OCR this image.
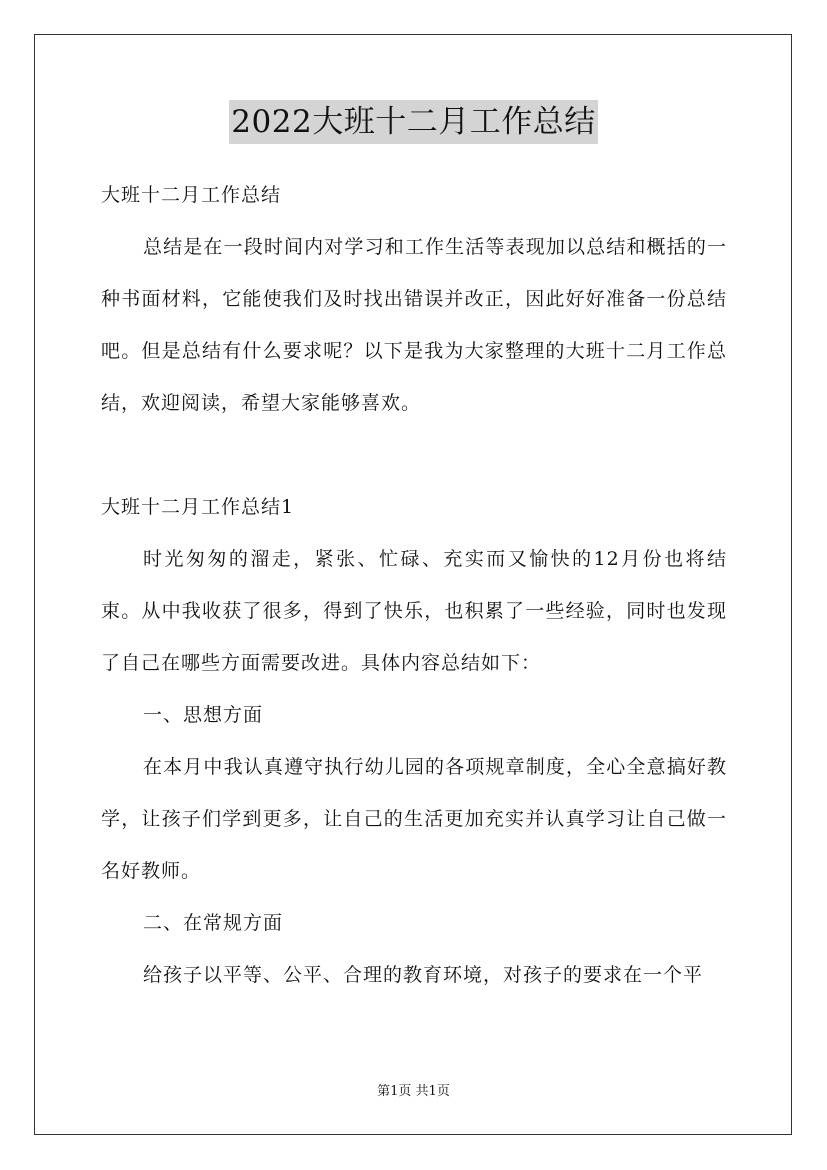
2022大班十二月工作总结

大班十二月工作总结

总结是在一段时间内对学习和工作生活等表现加以总结和概括的一种书面材料，它能使我们及时找出错误并改正，因此好好准备一份总结吧。但是总结有什么要求呢？以下是我为大家整理的大班十二月工作总结，欢迎阅读，希望大家能够喜欢。

大班十二月工作总结1

时光匆匆的溜走，紧张、忙碌、充实而又愉快的12月份也将结束。从中我收获了很多，得到了快乐，也积累了一些经验，同时也发现了自己在哪些方面需要改进。具体内容总结如下：

一、思想方面

在本月中我认真遵守执行幼儿园的各项规章制度，全心全意搞好教学，让孩子们学到更多，让自己的生活更加充实并认真学习让自己做一名好教师。

二、在常规方面

给孩子以平等、公平、合理的教育环境，对孩子的要求在一个平

第1页 共1页
